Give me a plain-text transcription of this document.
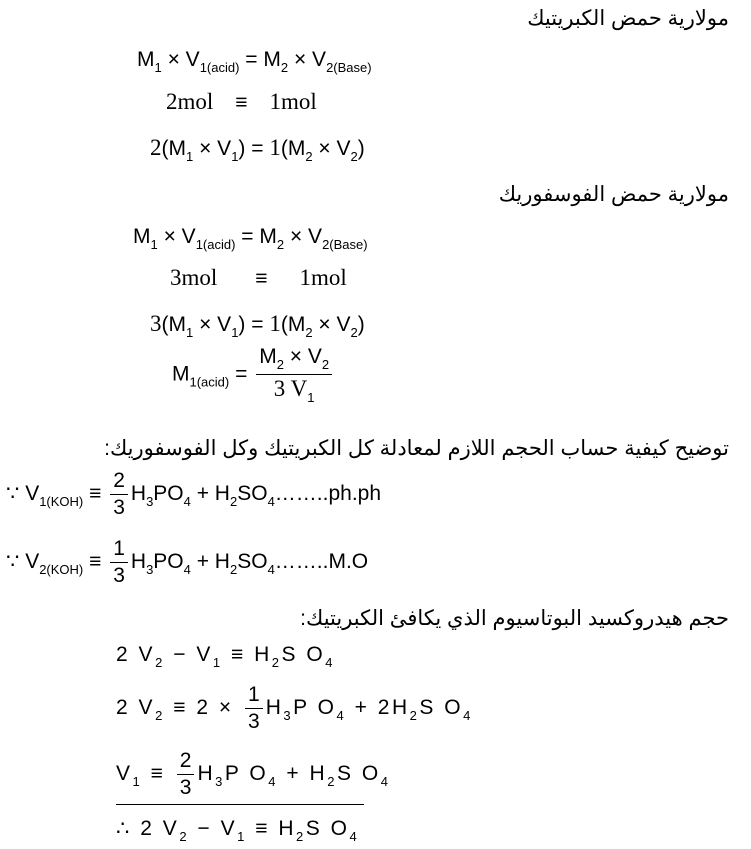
مولارية حمض الكبريتيك
مولارية حمض الفوسفوريك
توضيح كيفية حساب الحجم اللازم لمعادلة كل الكبريتيك وكل الفوسفوريك:
حجم هيدروكسيد البوتاسيوم الذي يكافئ الكبريتيك:
$M_1 \times V_{1(acid)} = M_2 \times V_{2(Base)}$
2mol ≡ 1mol
$2(M_1 \times V_1) = 1(M_2 \times V_2)$
$M_1 \times V_{1(acid)} = M_2 \times V_{2(Base)}$
3mol ≡ 1mol
$3(M_1 \times V_1) = 1(M_2 \times V_2)$
$M_{1(acid)} = \frac{M_2 \times V_2}{3 V_1}$
∵ $V_{1(KOH)} \equiv \frac{2}{3} H_3PO_4$ + $H_2SO_4\dots\dots..ph.ph$
∵ $V_{2(KOH)} \equiv \frac{1}{3} H_3PO_4$ + $H_2SO_4\dots\dots..M.O$
2 $V_2 - V_1 \equiv H_2S$ $O_4$
2 $V_2 \equiv 2 \times \frac{1}{3} H_3P$ $O_4 + 2H_2S$ $O_4$
$V_1 \equiv \frac{2}{3} H_3P$ $O_4 + H_2S$ $O_4$
∴ 2 $V_2 - V_1 \equiv H_2S$ $O_4$
